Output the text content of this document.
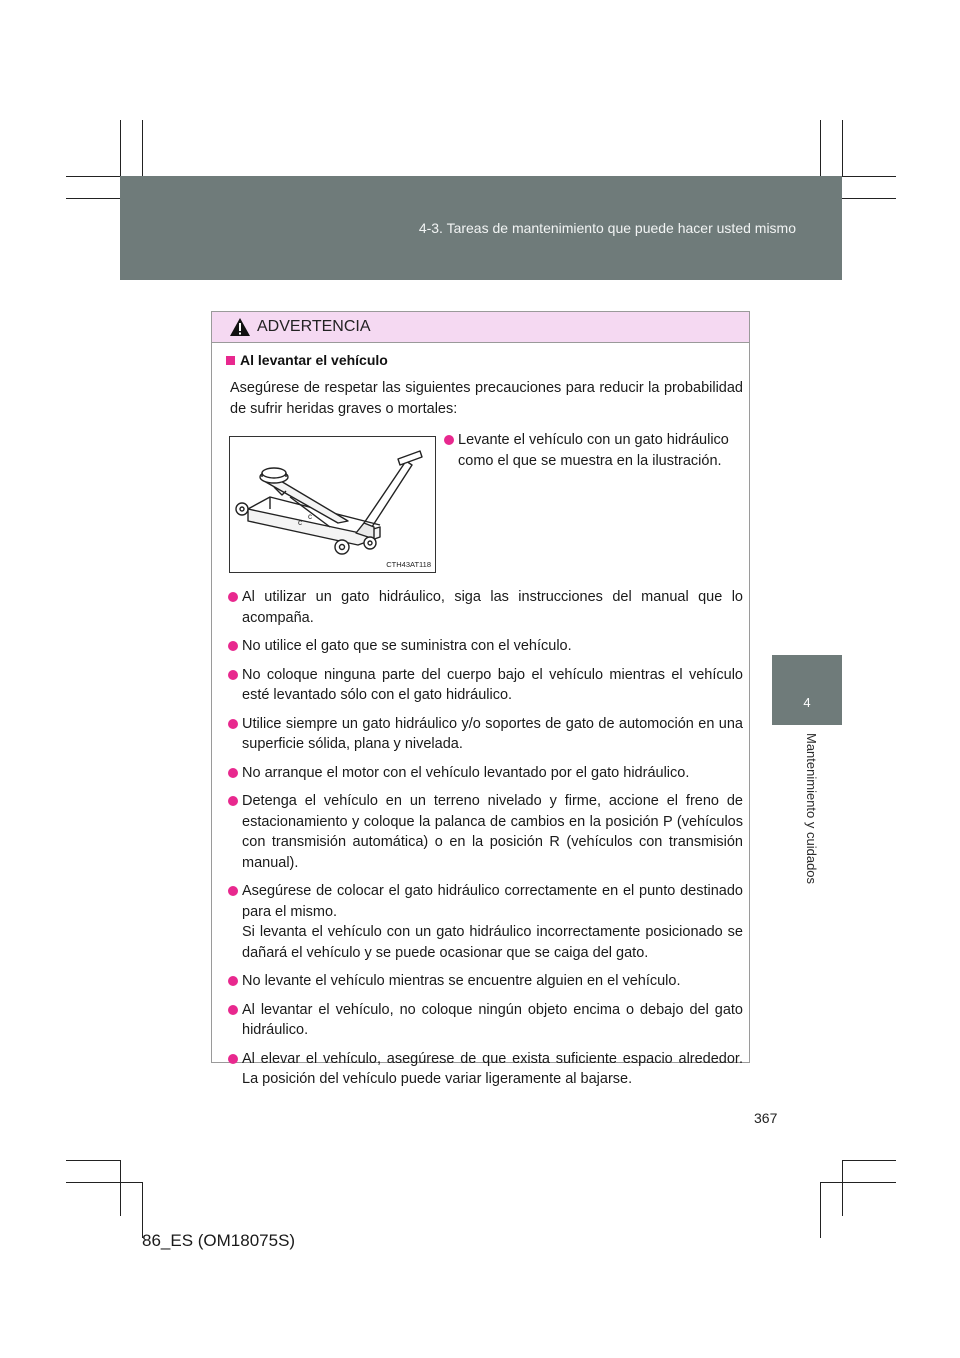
4-3. Tareas de mantenimiento que puede hacer usted mismo
4
Mantenimiento y cuidados
ADVERTENCIA
Al levantar el vehículo
Asegúrese de respetar las siguientes precauciones para reducir la probabilidad de sufrir heridas graves o mortales:
c
c
CTH43AT118
Levante el vehículo con un gato hidráulico como el que se muestra en la ilustración.
Al utilizar un gato hidráulico, siga las instrucciones del manual que lo acompaña.
No utilice el gato que se suministra con el vehículo.
No coloque ninguna parte del cuerpo bajo el vehículo mientras el vehículo esté levantado sólo con el gato hidráulico.
Utilice siempre un gato hidráulico y/o soportes de gato de automoción en una superficie sólida, plana y nivelada.
No arranque el motor con el vehículo levantado por el gato hidráulico.
Detenga el vehículo en un terreno nivelado y firme, accione el freno de estacionamiento y coloque la palanca de cambios en la posición P (vehículos con transmisión automática) o en la posición R (vehículos con transmisión manual).
Asegúrese de colocar el gato hidráulico correctamente en el punto destinado para el mismo.
Si levanta el vehículo con un gato hidráulico incorrectamente posicionado se dañará el vehículo y se puede ocasionar que se caiga del gato.
No levante el vehículo mientras se encuentre alguien en el vehículo.
Al levantar el vehículo, no coloque ningún objeto encima o debajo del gato hidráulico.
Al elevar el vehículo, asegúrese de que exista suficiente espacio alrededor. La posición del vehículo puede variar ligeramente al bajarse.
367
86_ES (OM18075S)
